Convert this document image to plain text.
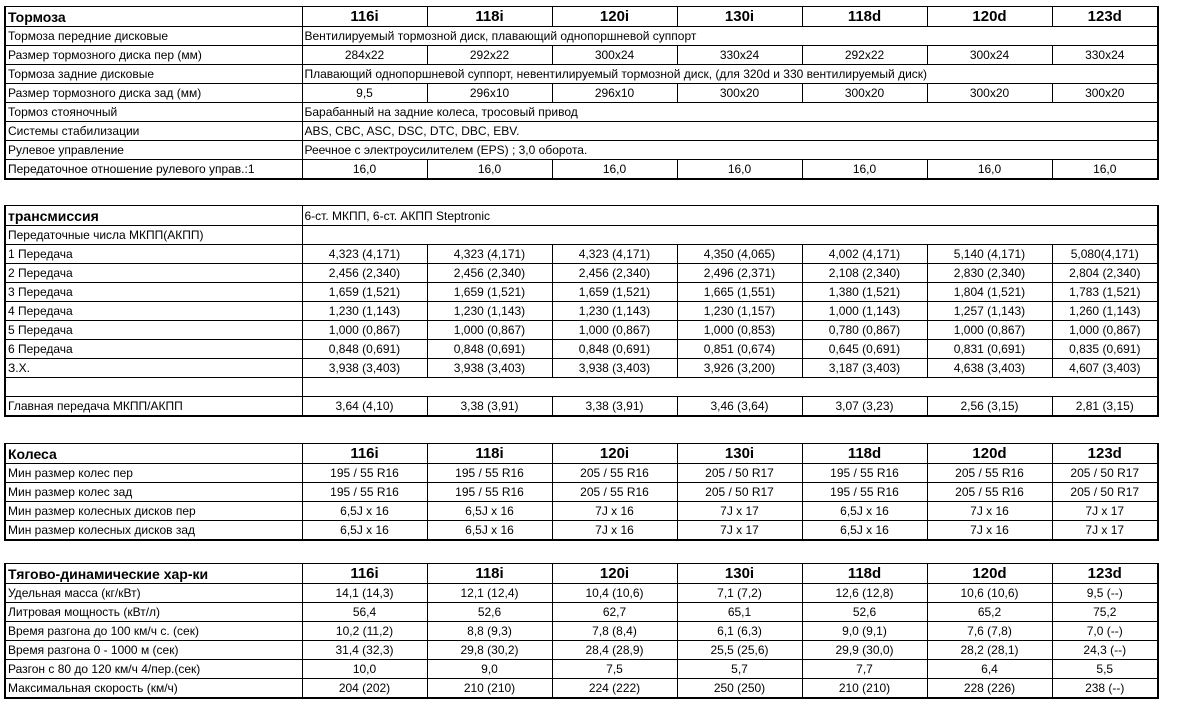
Тормоза	116i	118i	120i	130i	118d	120d	123d
Тормоза передние дисковые	Вентилируемый тормозной диск, плавающий однопоршневой суппорт						
Размер тормозного диска пер (мм)	284x22	292x22	300x24	330x24	292x22	300x24	330x24
Тормоза задние дисковые	Плавающий однопоршневой суппорт, невентилируемый тормозной диск, (для 320d и 330 вентилируемый диск)						
Размер тормозного диска зад (мм)	9,5	296x10	296x10	300x20	300x20	300x20	300x20
Тормоз стояночный	Барабанный на задние колеса, тросовый привод						
Системы стабилизации	ABS, CBC, ASC, DSC, DTC, DBC, EBV.						
Рулевое управление	Реечное с электроусилителем (EPS) ; 3,0 оборота.						
Передаточное отношение рулевого управ.:1	16,0	16,0	16,0	16,0	16,0	16,0	16,0
трансмиссия	6-ст. МКПП, 6-ст. АКПП Steptronic						
Передаточные числа МКПП(АКПП)							
1 Передача	4,323 (4,171)	4,323 (4,171)	4,323 (4,171)	4,350 (4,065)	4,002 (4,171)	5,140 (4,171)	5,080(4,171)
2 Передача	2,456 (2,340)	2,456 (2,340)	2,456 (2,340)	2,496 (2,371)	2,108 (2,340)	2,830 (2,340)	2,804 (2,340)
3 Передача	1,659 (1,521)	1,659 (1,521)	1,659 (1,521)	1,665 (1,551)	1,380 (1,521)	1,804 (1,521)	1,783 (1,521)
4 Передача	1,230 (1,143)	1,230 (1,143)	1,230 (1,143)	1,230 (1,157)	1,000 (1,143)	1,257 (1,143)	1,260 (1,143)
5 Передача	1,000 (0,867)	1,000 (0,867)	1,000 (0,867)	1,000 (0,853)	0,780 (0,867)	1,000 (0,867)	1,000 (0,867)
6 Передача	0,848 (0,691)	0,848 (0,691)	0,848 (0,691)	0,851 (0,674)	0,645 (0,691)	0,831 (0,691)	0,835 (0,691)
З.Х.	3,938 (3,403)	3,938 (3,403)	3,938 (3,403)	3,926 (3,200)	3,187 (3,403)	4,638 (3,403)	4,607 (3,403)

Главная передача МКПП/АКПП	3,64 (4,10)	3,38 (3,91)	3,38 (3,91)	3,46 (3,64)	3,07 (3,23)	2,56 (3,15)	2,81 (3,15)
Колеса	116i	118i	120i	130i	118d	120d	123d
Мин размер колес пер	195 / 55 R16	195 / 55 R16	205 / 55 R16	205 / 50 R17	195 / 55 R16	205 / 55 R16	205 / 50 R17
Мин размер колес зад	195 / 55 R16	195 / 55 R16	205 / 55 R16	205 / 50 R17	195 / 55 R16	205 / 55 R16	205 / 50 R17
Мин размер колесных дисков пер	6,5J x 16	6,5J x 16	7J x 16	7J x 17	6,5J x 16	7J x 16	7J x 17
Мин размер колесных дисков зад	6,5J x 16	6,5J x 16	7J x 16	7J x 17	6,5J x 16	7J x 16	7J x 17
Тягово-динамические хар-ки	116i	118i	120i	130i	118d	120d	123d
Удельная масса (кг/кВт)	14,1 (14,3)	12,1 (12,4)	10,4 (10,6)	7,1 (7,2)	12,6 (12,8)	10,6 (10,6)	9,5 (--)
Литровая мощность (кВт/л)	56,4	52,6	62,7	65,1	52,6	65,2	75,2
Время разгона до 100 км/ч с. (сек)	10,2 (11,2)	8,8 (9,3)	7,8 (8,4)	6,1 (6,3)	9,0 (9,1)	7,6 (7,8)	7,0 (--)
Время разгона 0 - 1000 м (сек)	31,4 (32,3)	29,8 (30,2)	28,4 (28,9)	25,5 (25,6)	29,9 (30,0)	28,2 (28,1)	24,3 (--)
Разгон с 80 до 120 км/ч 4/пер.(сек)	10,0	9,0	7,5	5,7	7,7	6,4	5,5
Максимальная скорость (км/ч)	204 (202)	210 (210)	224 (222)	250 (250)	210 (210)	228 (226)	238 (--)
